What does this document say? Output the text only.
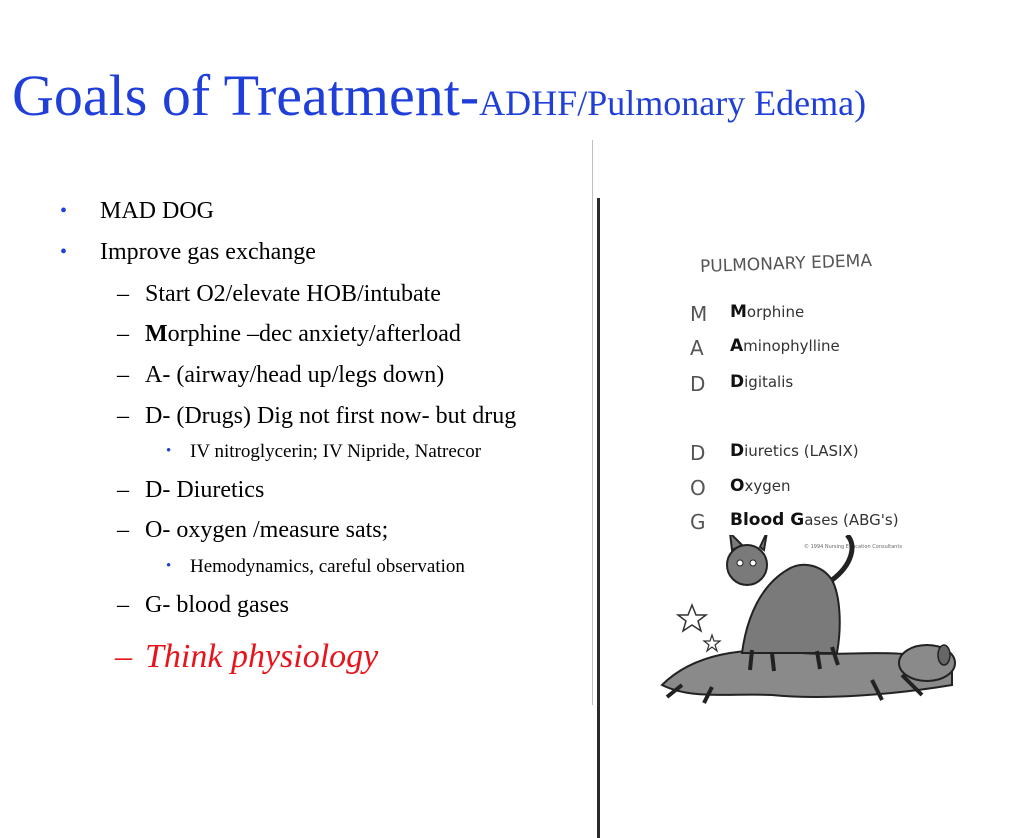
Goals of Treatment-ADHF/Pulmonary Edema)
• MAD DOG
• Improve gas exchange
– Start O2/elevate HOB/intubate
– Morphine –dec anxiety/afterload
– A- (airway/head up/legs down)
– D- (Drugs) Dig not first now- but drug
• IV nitroglycerin; IV Nipride, Natrecor
– D- Diuretics
– O- oxygen /measure sats;
• Hemodynamics, careful observation
– G- blood gases
– Think physiology
PULMONARY EDEMA
M Morphine
A Aminophylline
D Digitalis
D Diuretics (LASIX)
O Oxygen
G Blood Gases (ABG's)
© 1994 Nursing Education Consultants
